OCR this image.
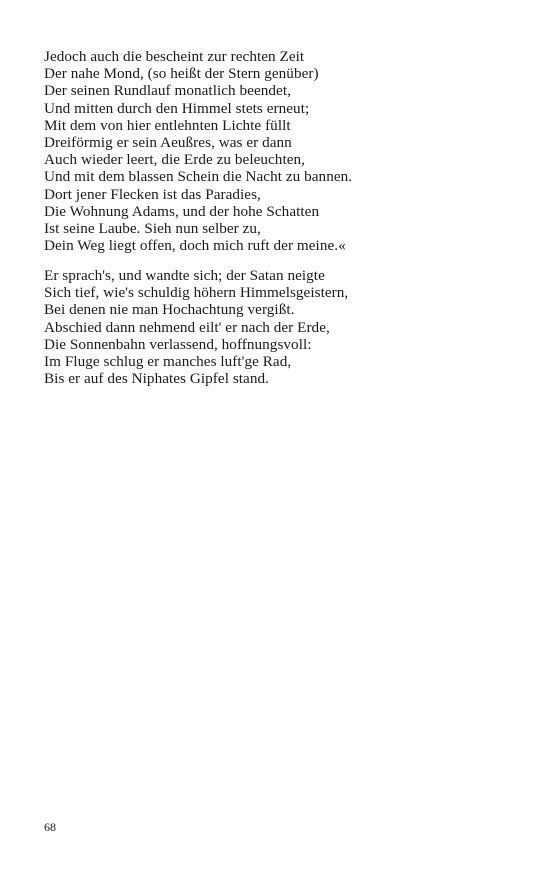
Jedoch auch die bescheint zur rechten Zeit
Der nahe Mond, (so heißt der Stern genüber)
Der seinen Rundlauf monatlich beendet,
Und mitten durch den Himmel stets erneut;
Mit dem von hier entlehnten Lichte füllt
Dreiförmig er sein Aeußres, was er dann
Auch wieder leert, die Erde zu beleuchten,
Und mit dem blassen Schein die Nacht zu bannen.
Dort jener Flecken ist das Paradies,
Die Wohnung Adams, und der hohe Schatten
Ist seine Laube. Sieh nun selber zu,
Dein Weg liegt offen, doch mich ruft der meine.«
Er sprach's, und wandte sich; der Satan neigte
Sich tief, wie's schuldig höhern Himmelsgeistern,
Bei denen nie man Hochachtung vergißt.
Abschied dann nehmend eilt' er nach der Erde,
Die Sonnenbahn verlassend, hoffnungsvoll:
Im Fluge schlug er manches luft'ge Rad,
Bis er auf des Niphates Gipfel stand.
68
